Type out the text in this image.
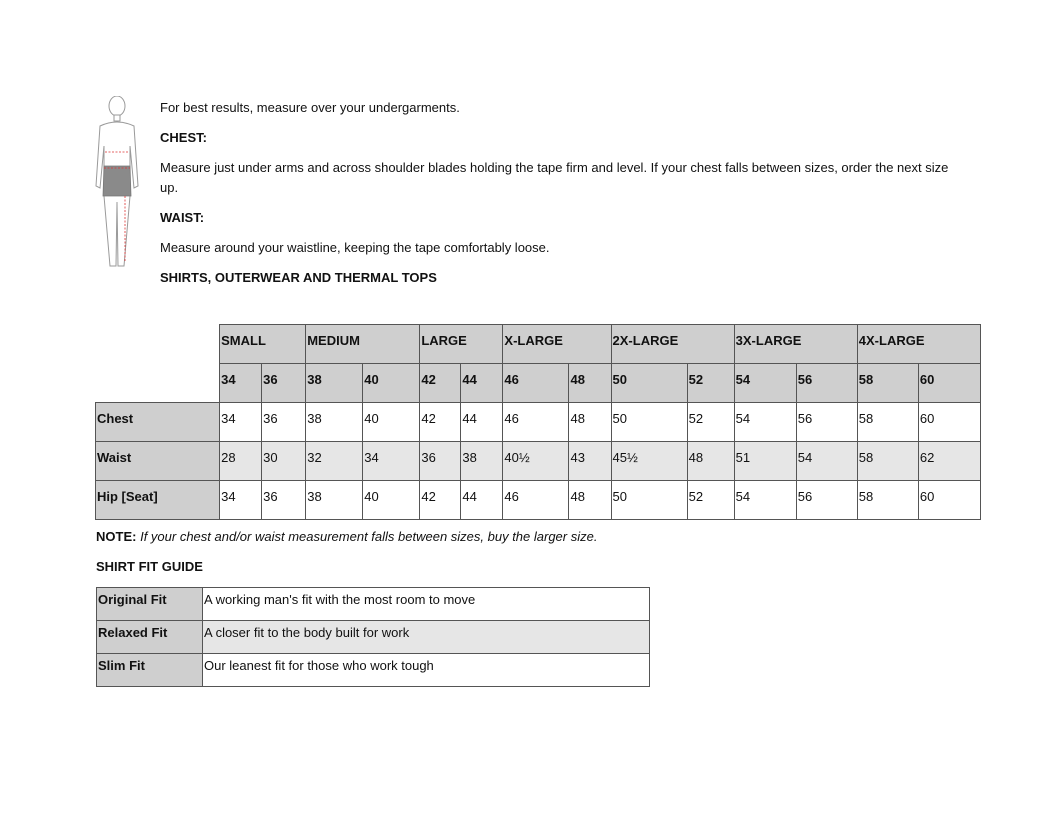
For best results, measure over your undergarments.

CHEST:

Measure just under arms and across shoulder blades holding the tape firm and level. If your chest falls between sizes, order the next size up.

WAIST:

Measure around your waistline, keeping the tape comfortably loose.

SHIRTS, OUTERWEAR AND THERMAL TOPS

	SMALL		MEDIUM		LARGE		X-LARGE		2X-LARGE		3X-LARGE		4X-LARGE	
	34	36	38	40	42	44	46	48	50	52	54	56	58	60
Chest	34	36	38	40	42	44	46	48	50	52	54	56	58	60
Waist	28	30	32	34	36	38	40½	43	45½	48	51	54	58	62
Hip [Seat]	34	36	38	40	42	44	46	48	50	52	54	56	58	60
NOTE: If your chest and/or waist measurement falls between sizes, buy the larger size.
SHIRT FIT GUIDE
Original Fit	A working man's fit with the most room to move
Relaxed Fit	A closer fit to the body built for work
Slim Fit	Our leanest fit for those who work tough
